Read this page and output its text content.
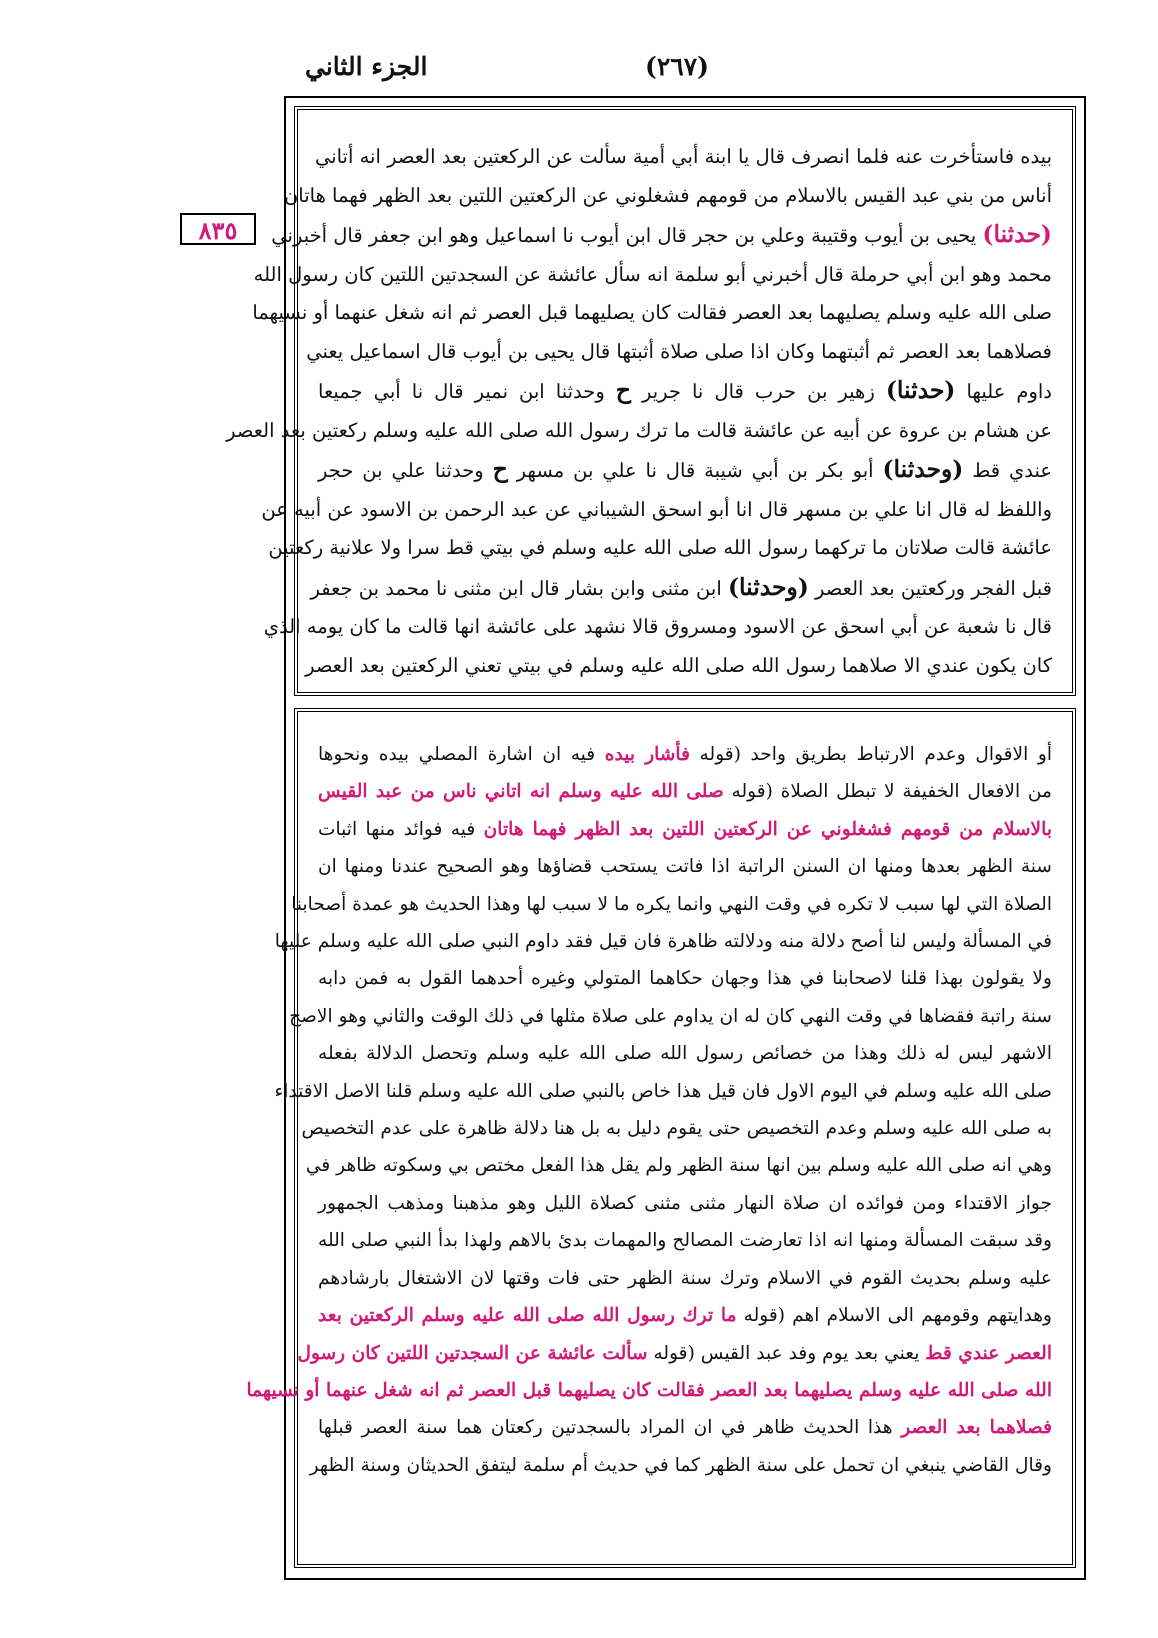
الجزء الثاني	(٢٦٧)
٨٣٥

بيده فاستأخرت عنه فلما انصرف قال يا ابنة أبي أمية سألت عن الركعتين بعد العصر انه أتاني

أناس من بني عبد القيس بالاسلام من قومهم فشغلوني عن الركعتين اللتين بعد الظهر فهما هاتان

(حدثنا) يحيى بن أيوب وقتيبة وعلي بن حجر قال ابن أيوب نا اسماعيل وهو ابن جعفر قال أخبرني

محمد وهو ابن أبي حرملة قال أخبرني أبو سلمة انه سأل عائشة عن السجدتين اللتين كان رسول الله

صلى الله عليه وسلم يصليهما بعد العصر فقالت كان يصليهما قبل العصر ثم انه شغل عنهما أو نسيهما

فصلاهما بعد العصر ثم أثبتهما وكان اذا صلى صلاة أثبتها قال يحيى بن أيوب قال اسماعيل يعني

داوم عليها (حدثنا) زهير بن حرب قال نا جرير ح وحدثنا ابن نمير قال نا أبي جميعا

عن هشام بن عروة عن أبيه عن عائشة قالت ما ترك رسول الله صلى الله عليه وسلم ركعتين بعد العصر

عندي قط (وحدثنا) أبو بكر بن أبي شيبة قال نا علي بن مسهر ح وحدثنا علي بن حجر

واللفظ له قال انا علي بن مسهر قال انا أبو اسحق الشيباني عن عبد الرحمن بن الاسود عن أبيه عن

عائشة قالت صلاتان ما تركهما رسول الله صلى الله عليه وسلم في بيتي قط سرا ولا علانية ركعتين

قبل الفجر وركعتين بعد العصر (وحدثنا) ابن مثنى وابن بشار قال ابن مثنى نا محمد بن جعفر

قال نا شعبة عن أبي اسحق عن الاسود ومسروق قالا نشهد على عائشة انها قالت ما كان يومه الذي

كان يكون عندي الا صلاهما رسول الله صلى الله عليه وسلم في بيتي تعني الركعتين بعد العصر

أو الاقوال وعدم الارتباط بطريق واحد (قوله فأشار بيده فيه ان اشارة المصلي بيده ونحوها

من الافعال الخفيفة لا تبطل الصلاة (قوله صلى الله عليه وسلم انه اتاني ناس من عبد القيس

بالاسلام من قومهم فشغلوني عن الركعتين اللتين بعد الظهر فهما هاتان فيه فوائد منها اثبات

سنة الظهر بعدها ومنها ان السنن الراتبة اذا فاتت يستحب قضاؤها وهو الصحيح عندنا ومنها ان

الصلاة التي لها سبب لا تكره في وقت النهي وانما يكره ما لا سبب لها وهذا الحديث هو عمدة أصحابنا

في المسألة وليس لنا أصح دلالة منه ودلالته ظاهرة فان قيل فقد داوم النبي صلى الله عليه وسلم عليها

ولا يقولون بهذا قلنا لاصحابنا في هذا وجهان حكاهما المتولي وغيره أحدهما القول به فمن دابه

سنة راتبة فقضاها في وقت النهي كان له ان يداوم على صلاة مثلها في ذلك الوقت والثاني وهو الاصح

الاشهر ليس له ذلك وهذا من خصائص رسول الله صلى الله عليه وسلم وتحصل الدلالة بفعله

صلى الله عليه وسلم في اليوم الاول فان قيل هذا خاص بالنبي صلى الله عليه وسلم قلنا الاصل الاقتداء

به صلى الله عليه وسلم وعدم التخصيص حتى يقوم دليل به بل هنا دلالة ظاهرة على عدم التخصيص

وهي انه صلى الله عليه وسلم بين انها سنة الظهر ولم يقل هذا الفعل مختص بي وسكوته ظاهر في

جواز الاقتداء ومن فوائده ان صلاة النهار مثنى مثنى كصلاة الليل وهو مذهبنا ومذهب الجمهور

وقد سبقت المسألة ومنها انه اذا تعارضت المصالح والمهمات بدئ بالاهم ولهذا بدأ النبي صلى الله

عليه وسلم بحديث القوم في الاسلام وترك سنة الظهر حتى فات وقتها لان الاشتغال بارشادهم

وهدايتهم وقومهم الى الاسلام اهم (قوله ما ترك رسول الله صلى الله عليه وسلم الركعتين بعد

العصر عندي قط يعني بعد يوم وفد عبد القيس (قوله سألت عائشة عن السجدتين اللتين كان رسول

الله صلى الله عليه وسلم يصليهما بعد العصر فقالت كان يصليهما قبل العصر ثم انه شغل عنهما أو نسيهما

فصلاهما بعد العصر هذا الحديث ظاهر في ان المراد بالسجدتين ركعتان هما سنة العصر قبلها

وقال القاضي ينبغي ان تحمل على سنة الظهر كما في حديث أم سلمة ليتفق الحديثان وسنة الظهر
